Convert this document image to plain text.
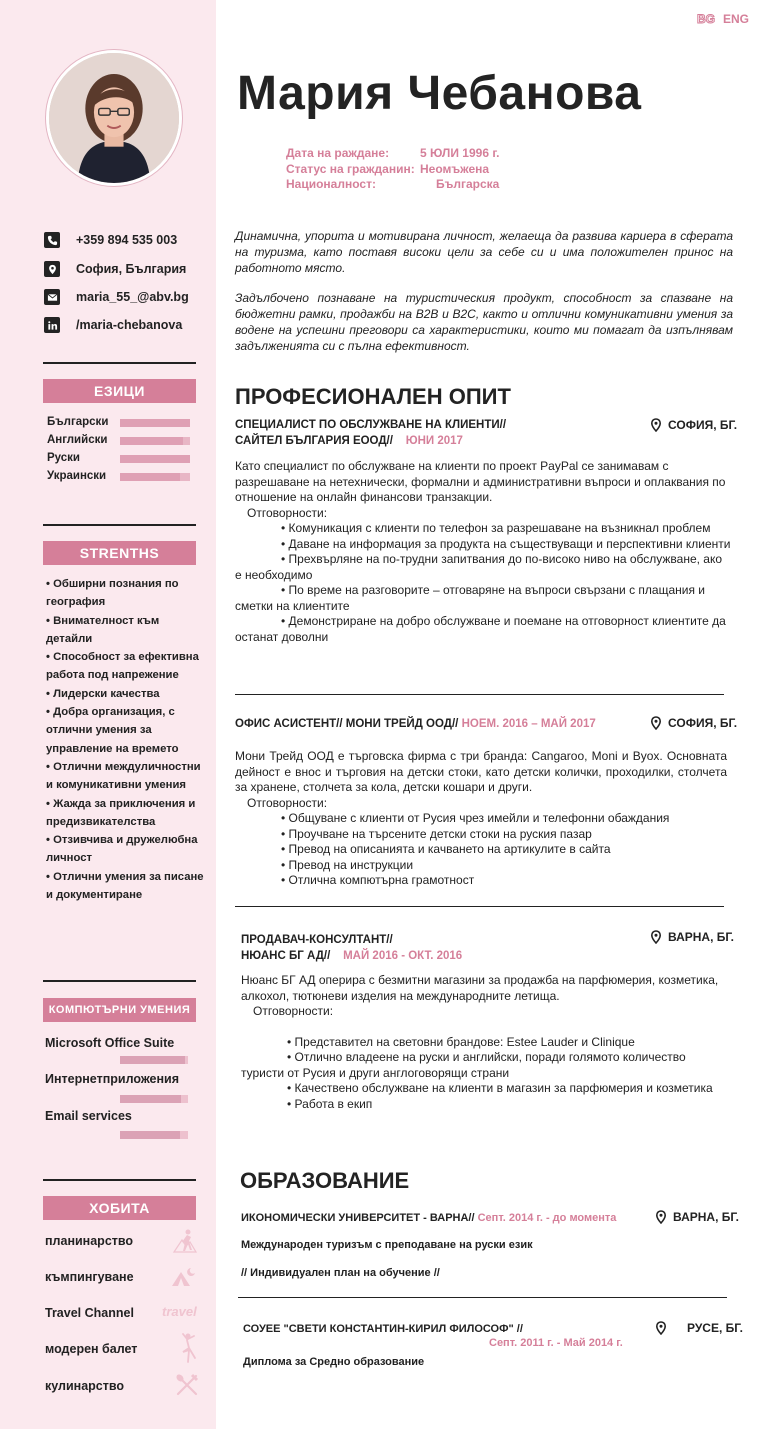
+359 894 535 003
София, България
maria_55_@abv.bg
/maria-chebanova
ЕЗИЦИ
Български
Английски
Руски
Украински
STRENTHS
• Обширни познания по география
• Внимателност към детайли
• Способност за ефективна работа под напрежение
• Лидерски качества
• Добра организация, с отлични умения за управление на времето
• Отлични междуличностни и комуникативни умения
• Жажда за приключения и предизвикателства
• Отзивчива и дружелюбна личност
• Отлични умения за писане и документиране
КОМПЮТЪРНИ УМЕНИЯ
Microsoft Office Suite
Интернетприложения
Email services
ХОБИТА
планинарство
къмпингуване
Travel Channel travel
модерен балет
кулинарство
BG ENG
Мария Чебанова
Дата на раждане:	5 ЮЛИ 1996 г.
Статус на гражданин: Неомъжена
Националност:	Българска

Динамична, упорита и мотивирана личност, желаеща да развива кариера в сферата на туризма, като поставя високи цели за себе си и има положителен принос на работното място.

Задълбочено познаване на туристическия продукт, способност за спазване на бюджетни рамки, продажби на B2B и B2C, както и отлични комуникативни умения за водене на успешни преговори са характеристики, които ми помагат да изпълнявам задълженията си с пълна ефективност.

ПРОФЕСИОНАЛЕН ОПИТ
СПЕЦИАЛИСТ ПО ОБСЛУЖВАНЕ НА КЛИЕНТИ//
САЙТЕЛ БЪЛГАРИЯ ЕООД// ЮНИ 2017
СОФИЯ, БГ.
Като специалист по обслужване на клиенти по проект PayPal се занимавам с разрешаване на нетехнически, формални и административни въпроси и оплаквания по отношение на онлайн финансови транзакции.
Отговорности:
• Комуникация с клиенти по телефон за разрешаване на възникнал проблем
• Даване на информация за продукта на съществуващи и перспективни клиенти
• Прехвърляне на по-трудни запитвания до по-високо ниво на обслужване, ако е необходимо
• По време на разговорите – отговаряне на въпроси свързани с плащания и сметки на клиентите
• Демонстриране на добро обслужване и поемане на отговорност клиентите да останат доволни
ОФИС АСИСТЕНТ// МОНИ ТРЕЙД ООД// НОЕМ. 2016 – МАЙ 2017	СОФИЯ, БГ.
Мони Трейд ООД е търговска фирма с три бранда: Cangaroo, Moni и Byox. Основната дейност е внос и търговия на детски стоки, като детски колички, проходилки, столчета за хранене, столчета за кола, детски кошари и други.
Отговорности:
• Общуване с клиенти от Русия чрез имейли и телефонни обаждания
• Проучване на търсените детски стоки на руския пазар
• Превод на описанията и качването на артикулите в сайта
• Превод на инструкции
• Отлична компютърна грамотност
ПРОДАВАЧ-КОНСУЛТАНТ//
НЮАНС БГ АД// МАЙ 2016 - ОКТ. 2016
ВАРНА, БГ.
Нюанс БГ АД оперира с безмитни магазини за продажба на парфюмерия, козметика, алкохол, тютюневи изделия на международните летища.
Отговорности:
• Представител на световни брандове: Estee Lauder и Clinique
• Отлично владеене на руски и английски, поради голямото количество туристи от Русия и други англоговорящи страни
• Качествено обслужване на клиенти в магазин за парфюмерия и козметика
• Работа в екип
ОБРАЗОВАНИЕ
ИКОНОМИЧЕСКИ УНИВЕРСИТЕТ - ВАРНА// Септ. 2014 г. - до момента	ВАРНА, БГ.
Международен туризъм с преподаване на руски език
// Индивидуален план на обучение //
СОУЕЕ "СВЕТИ КОНСТАНТИН-КИРИЛ ФИЛОСОФ" //
Септ. 2011 г. - Май 2014 г.
РУСЕ, БГ.
Диплома за Средно образование
